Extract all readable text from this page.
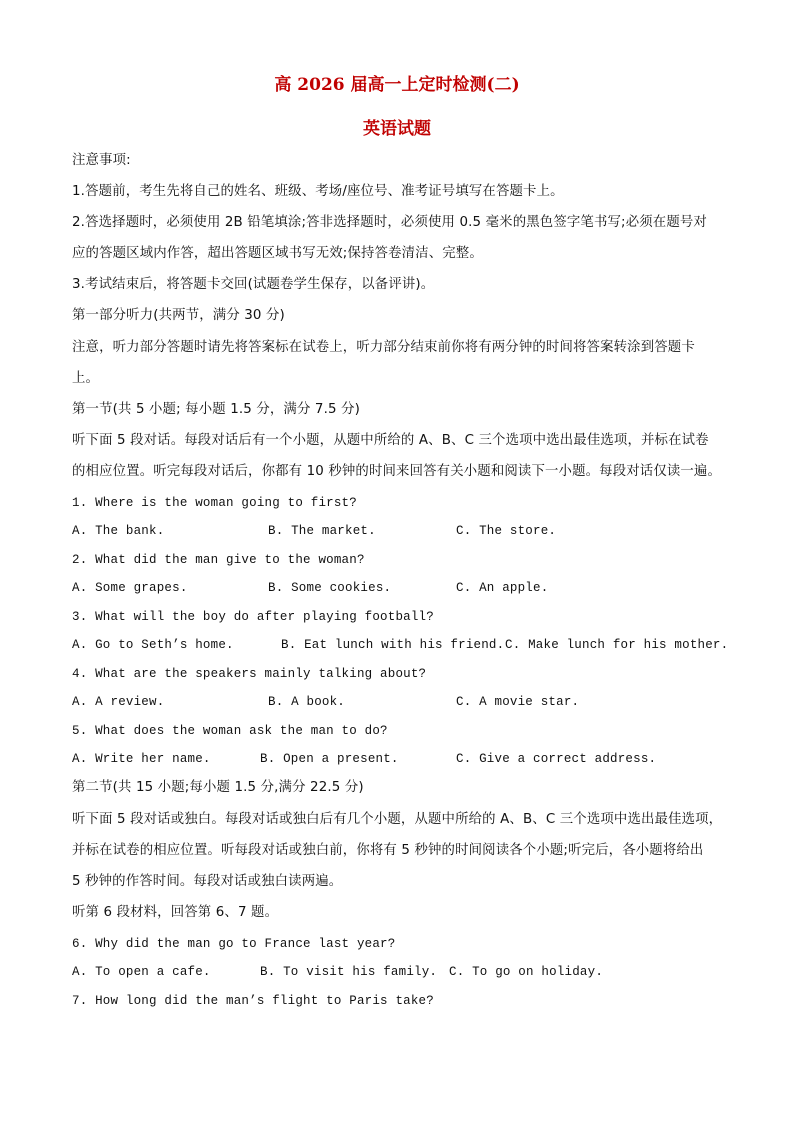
高 2026 届高一上定时检测(二)
英语试题

注意事项:

1.答题前，考生先将自己的姓名、班级、考场/座位号、准考证号填写在答题卡上。

2.答选择题时，必须使用 2B 铅笔填涂;答非选择题时，必须使用 0.5 毫米的黑色签字笔书写;必须在题号对

应的答题区域内作答，超出答题区域书写无效;保持答卷清洁、完整。

3.考试结束后，将答题卡交回(试题卷学生保存，以备评讲)。

第一部分听力(共两节，满分 30 分)

注意，听力部分答题时请先将答案标在试卷上，听力部分结束前你将有两分钟的时间将答案转涂到答题卡

上。

第一节(共 5 小题; 每小题 1.5 分，满分 7.5 分)

听下面 5 段对话。每段对话后有一个小题，从题中所给的 A、B、C 三个选项中选出最佳选项，并标在试卷

的相应位置。听完每段对话后，你都有 10 秒钟的时间来回答有关小题和阅读下一小题。每段对话仅读一遍。

1. Where is the woman going to first?

A. The bank.	B. The market.	C. The store.

2. What did the man give to the woman?

A. Some grapes.	B. Some cookies.	C. An apple.

3. What will the boy do after playing football?

A. Go to Seth’s home.	B. Eat lunch with his friend. C. Make lunch for his mother.

4. What are the speakers mainly talking about?

A. A review.	B. A book.	C. A movie star.

5. What does the woman ask the man to do?

A. Write her name.	B. Open a present.	C. Give a correct address.

第二节(共 15 小题;每小题 1.5 分,满分 22.5 分)

听下面 5 段对话或独白。每段对话或独白后有几个小题，从题中所给的 A、B、C 三个选项中选出最佳选项，

并标在试卷的相应位置。听每段对话或独白前，你将有 5 秒钟的时间阅读各个小题;听完后，各小题将给出

5 秒钟的作答时间。每段对话或独白读两遍。

听第 6 段材料，回答第 6、7 题。

6. Why did the man go to France last year?

A. To open a cafe.	B. To visit his family. C. To go on holiday.

7. How long did the man’s flight to Paris take?
